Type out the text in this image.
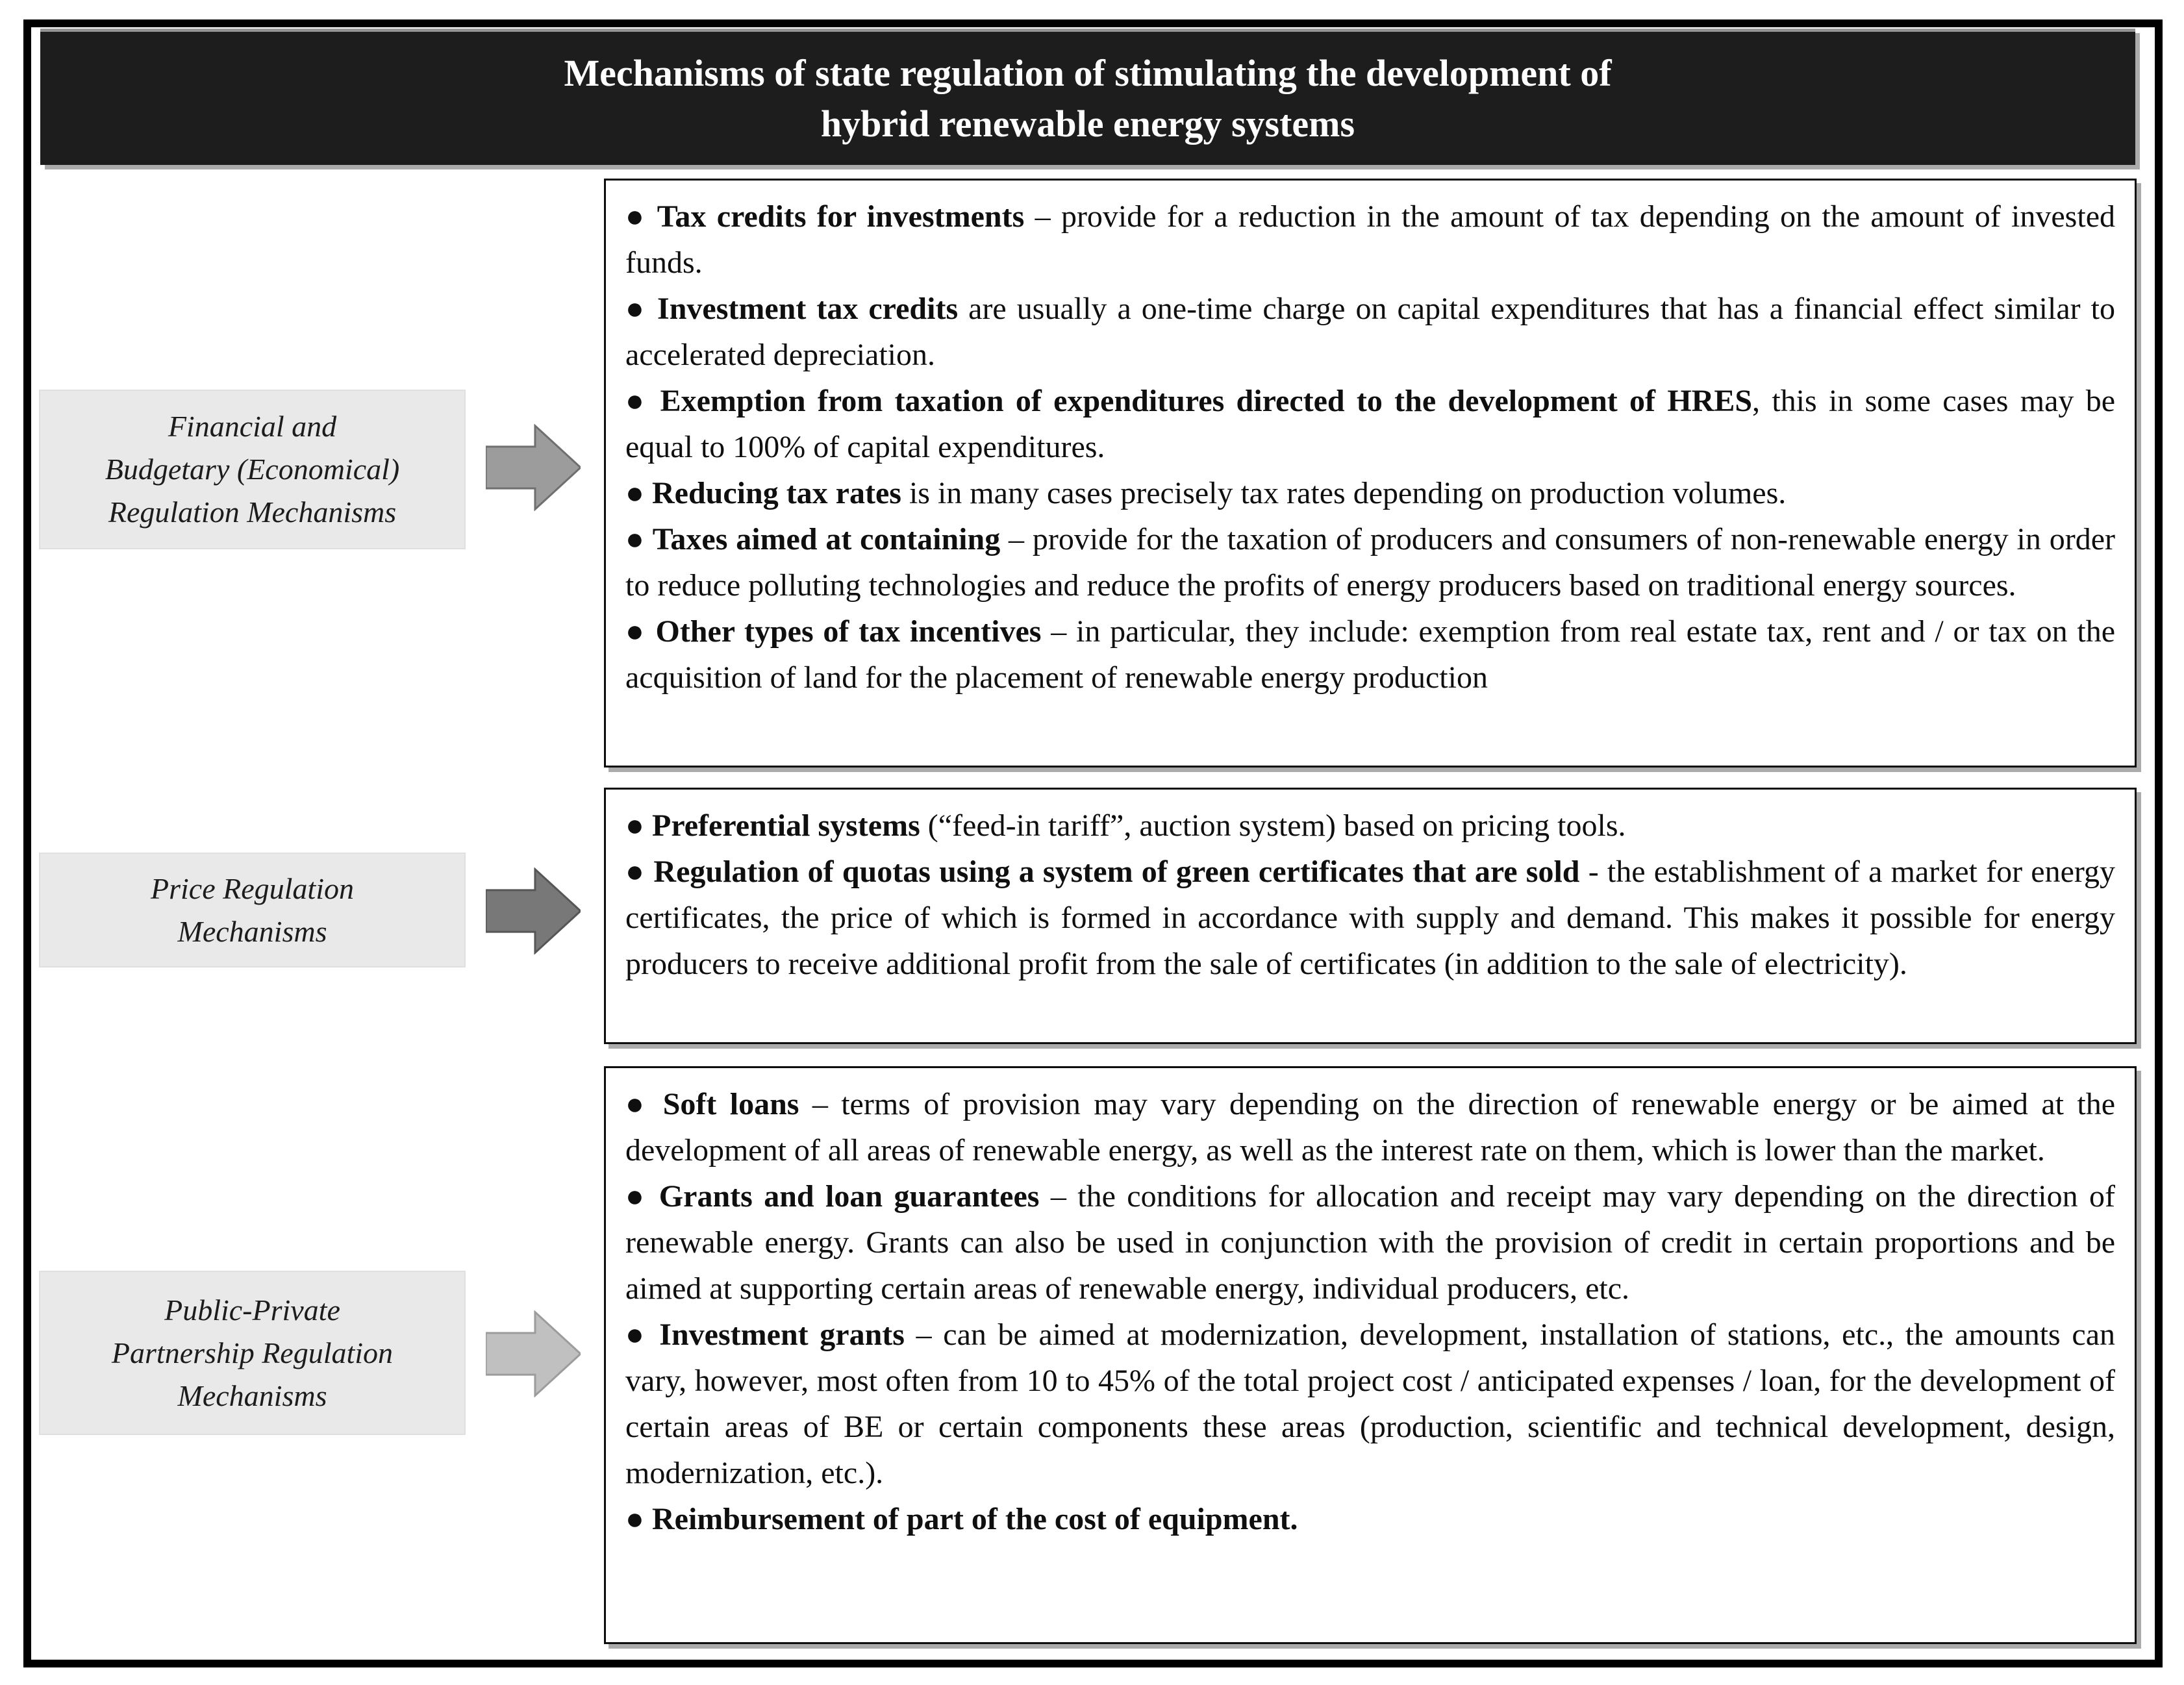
Mechanisms of state regulation of stimulating the development of
hybrid renewable energy systems
Financial and
Budgetary (Economical)
Regulation Mechanisms

● Tax credits for investments – provide for a reduction in the amount of tax depending on the amount of invested funds.

● Investment tax credits are usually a one-time charge on capital expenditures that has a financial effect similar to accelerated depreciation.

● Exemption from taxation of expenditures directed to the development of HRES, this in some cases may be equal to 100% of capital expenditures.

● Reducing tax rates is in many cases precisely tax rates depending on production volumes.

● Taxes aimed at containing – provide for the taxation of producers and consumers of non-renewable energy in order to reduce polluting technologies and reduce the profits of energy producers based on traditional energy sources.

● Other types of tax incentives – in particular, they include: exemption from real estate tax, rent and / or tax on the acquisition of land for the placement of renewable energy production

Price Regulation
Mechanisms

● Preferential systems (“feed-in tariff”, auction system) based on pricing tools.

● Regulation of quotas using a system of green certificates that are sold - the establishment of a market for energy certificates, the price of which is formed in accordance with supply and demand. This makes it possible for energy producers to receive additional profit from the sale of certificates (in addition to the sale of electricity).

Public-Private
Partnership Regulation
Mechanisms

● Soft loans – terms of provision may vary depending on the direction of renewable energy or be aimed at the development of all areas of renewable energy, as well as the interest rate on them, which is lower than the market.

● Grants and loan guarantees – the conditions for allocation and receipt may vary depending on the direction of renewable energy. Grants can also be used in conjunction with the provision of credit in certain proportions and be aimed at supporting certain areas of renewable energy, individual producers, etc.

● Investment grants – can be aimed at modernization, development, installation of stations, etc., the amounts can vary, however, most often from 10 to 45% of the total project cost / anticipated expenses / loan, for the development of certain areas of BE or certain components these areas (production, scientific and technical development, design, modernization, etc.).

● Reimbursement of part of the cost of equipment.
